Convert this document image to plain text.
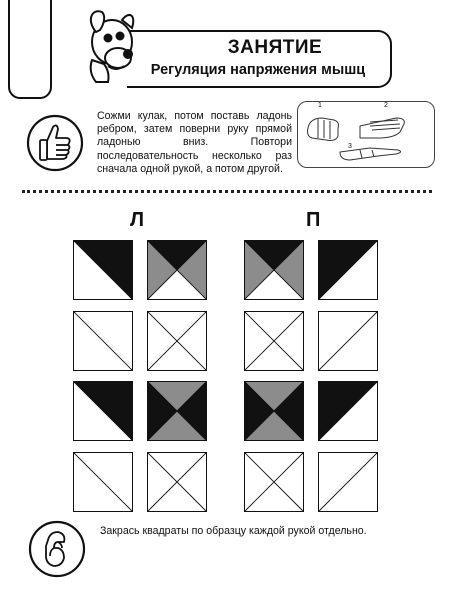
ЗАНЯТИЕ
Регуляция напряжения мышц
Сожми кулак, потом поставь ладонь ребром, затем поверни руку прямой ладонью вниз. Повтори последовательность несколько раз сначала одной рукой, а потом другой.
1	2
3
Л	П
Закрась квадраты по образцу каждой рукой отдельно.
